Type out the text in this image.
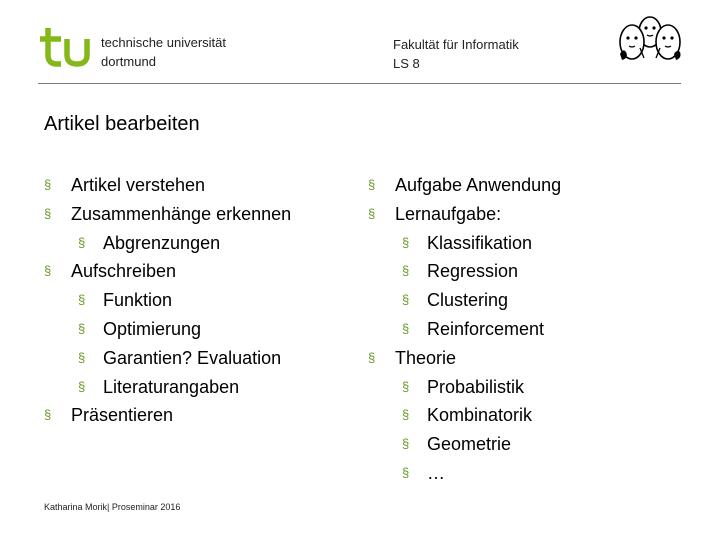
technische universität
dortmund
Fakultät für Informatik
LS 8
Artikel bearbeiten
§ Artikel verstehen
§ Zusammenhänge erkennen
§ Abgrenzungen
§ Aufschreiben
§ Funktion
§ Optimierung
§ Garantien? Evaluation
§ Literaturangaben
§ Präsentieren
§ Aufgabe Anwendung
§ Lernaufgabe:
§ Klassifikation
§ Regression
§ Clustering
§ Reinforcement
§ Theorie
§ Probabilistik
§ Kombinatorik
§ Geometrie
§ …
Katharina Morik| Proseminar 2016
